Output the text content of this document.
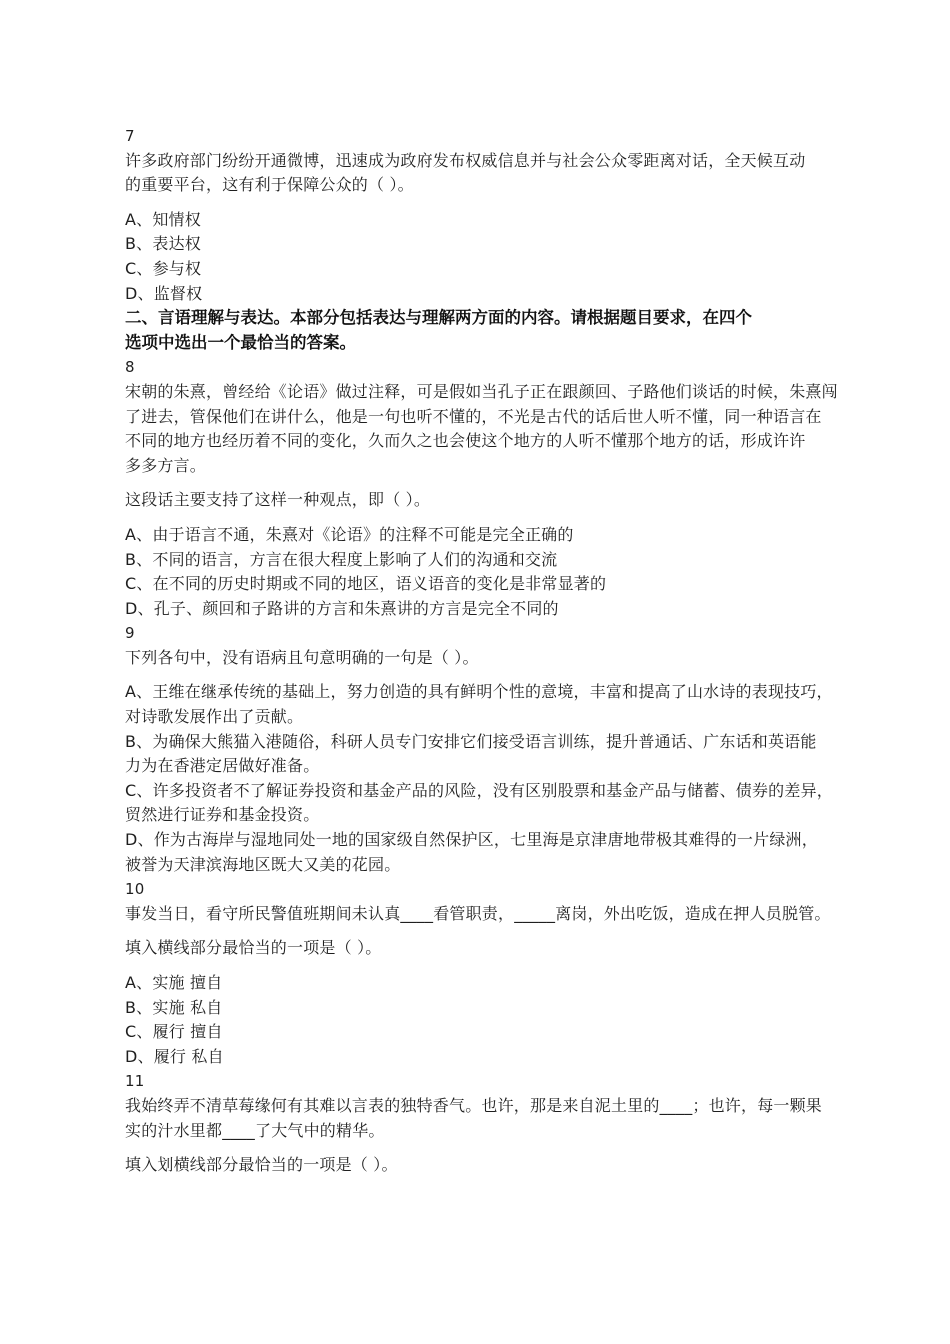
7
许多政府部门纷纷开通微博，迅速成为政府发布权威信息并与社会公众零距离对话，全天候互动
的重要平台，这有利于保障公众的（ ）。
A、知情权
B、表达权
C、参与权
D、监督权
二、言语理解与表达。本部分包括表达与理解两方面的内容。请根据题目要求，在四个
选项中选出一个最恰当的答案。
8
宋朝的朱熹，曾经给《论语》做过注释，可是假如当孔子正在跟颜回、子路他们谈话的时候，朱熹闯
了进去，管保他们在讲什么，他是一句也听不懂的，不光是古代的话后世人听不懂，同一种语言在
不同的地方也经历着不同的变化，久而久之也会使这个地方的人听不懂那个地方的话，形成许许
多多方言。
这段话主要支持了这样一种观点，即（ ）。
A、由于语言不通，朱熹对《论语》的注释不可能是完全正确的
B、不同的语言，方言在很大程度上影响了人们的沟通和交流
C、在不同的历史时期或不同的地区，语义语音的变化是非常显著的
D、孔子、颜回和子路讲的方言和朱熹讲的方言是完全不同的
9
下列各句中，没有语病且句意明确的一句是（ ）。
A、王维在继承传统的基础上，努力创造的具有鲜明个性的意境，丰富和提高了山水诗的表现技巧，
对诗歌发展作出了贡献。
B、为确保大熊猫入港随俗，科研人员专门安排它们接受语言训练，提升普通话、广东话和英语能
力为在香港定居做好准备。
C、许多投资者不了解证券投资和基金产品的风险，没有区别股票和基金产品与储蓄、债券的差异，
贸然进行证券和基金投资。
D、作为古海岸与湿地同处一地的国家级自然保护区，七里海是京津唐地带极其难得的一片绿洲，
被誉为天津滨海地区既大又美的花园。
10
事发当日，看守所民警值班期间未认真____看管职责，_____离岗，外出吃饭，造成在押人员脱管。
填入横线部分最恰当的一项是（ ）。
A、实施 擅自
B、实施 私自
C、履行 擅自
D、履行 私自
11
我始终弄不清草莓缘何有其难以言表的独特香气。也许，那是来自泥土里的____；也许，每一颗果
实的汁水里都____了大气中的精华。
填入划横线部分最恰当的一项是（ ）。
